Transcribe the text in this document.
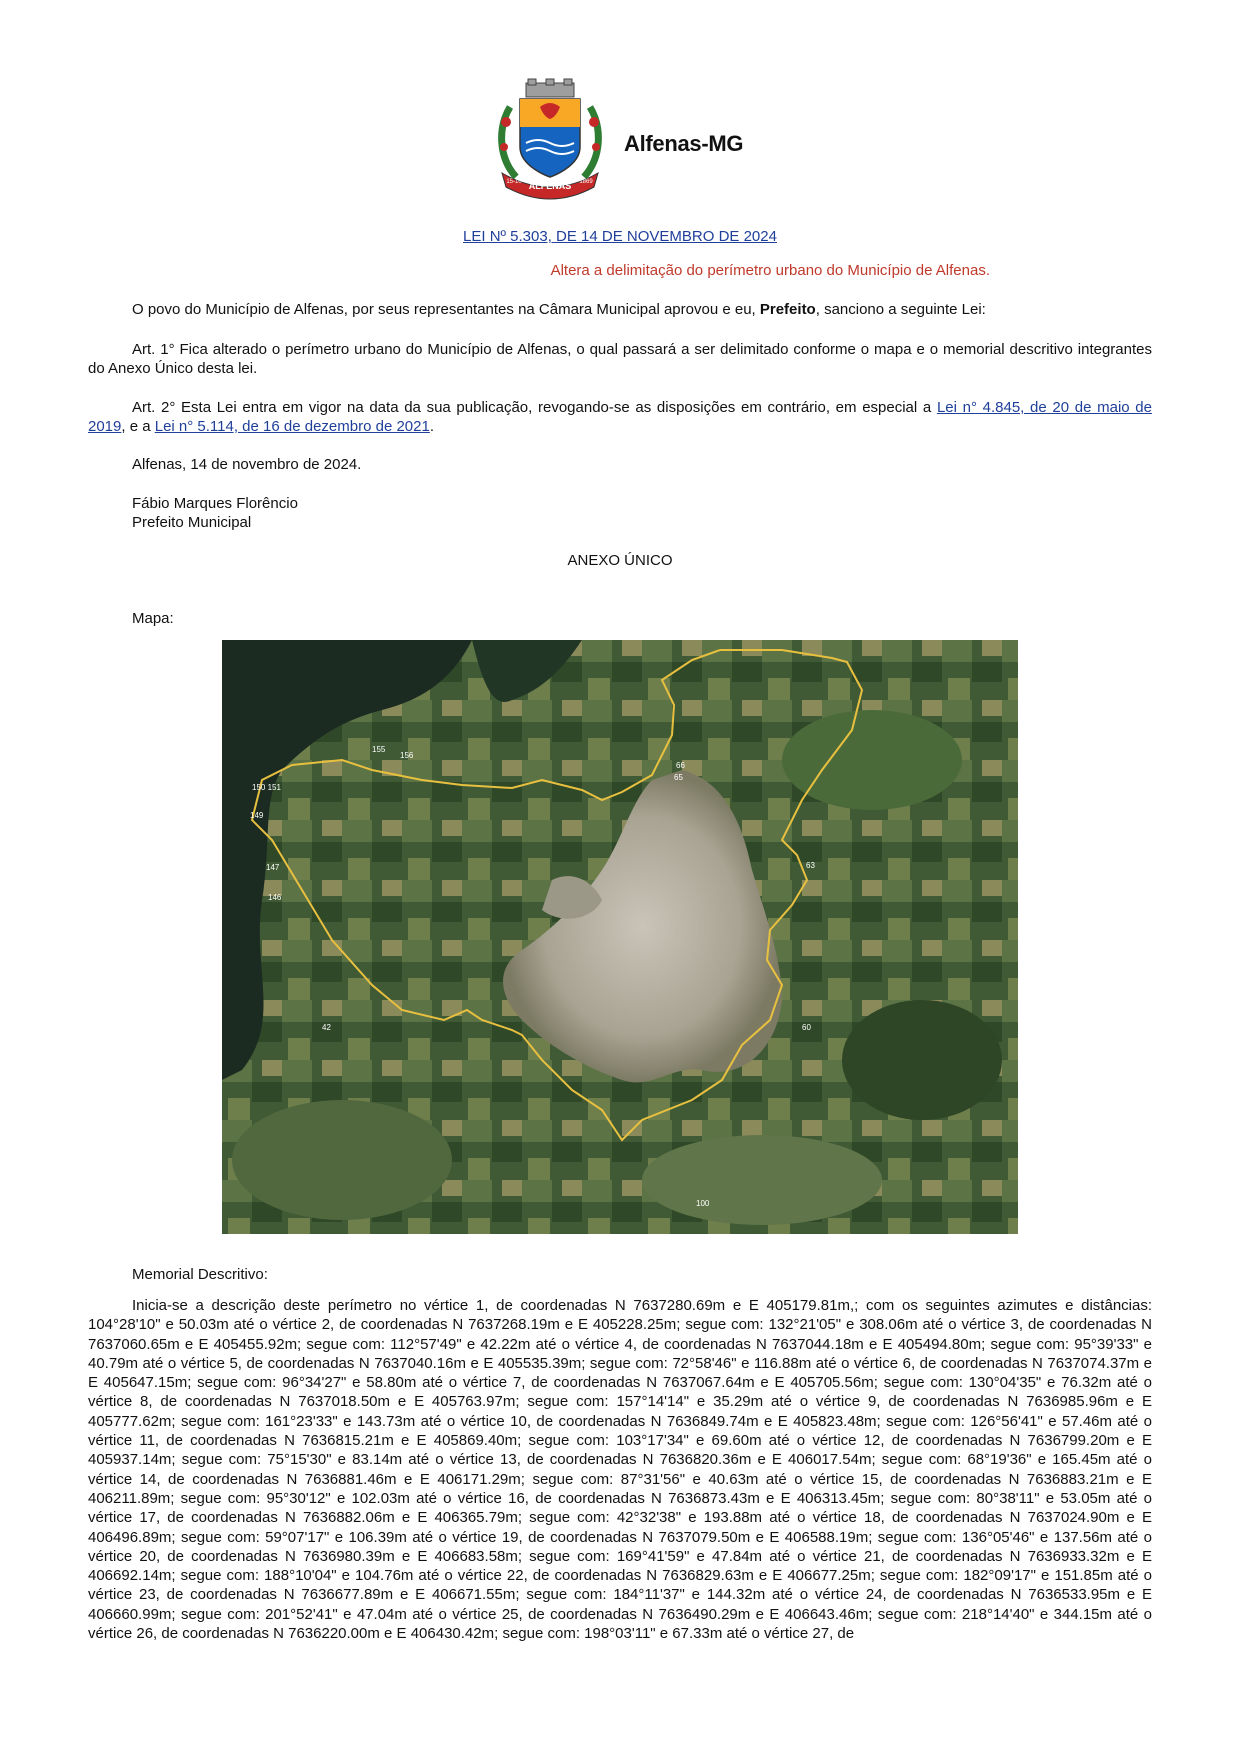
ALFENAS
15-10	1869
Alfenas-MG
LEI Nº 5.303, DE 14 DE NOVEMBRO DE 2024
Altera a delimitação do perímetro urbano do Município de Alfenas.
O povo do Município de Alfenas, por seus representantes na Câmara Municipal aprovou e eu, Prefeito, sanciono a seguinte Lei:
Art. 1° Fica alterado o perímetro urbano do Município de Alfenas, o qual passará a ser delimitado conforme o mapa e o memorial descritivo integrantes do Anexo Único desta lei.
Art. 2° Esta Lei entra em vigor na data da sua publicação, revogando-se as disposições em contrário, em especial a Lei n° 4.845, de 20 de maio de 2019, e a Lei n° 5.114, de 16 de dezembro de 2021.
Alfenas, 14 de novembro de 2024.
Fábio Marques Florêncio
Prefeito Municipal
ANEXO ÚNICO
Mapa:
155
156
150 151
149
147
146
66
65
63
60
100
42
Memorial Descritivo:
Inicia-se a descrição deste perímetro no vértice 1, de coordenadas N 7637280.69m e E 405179.81m,; com os seguintes azimutes e distâncias: 104°28'10" e 50.03m até o vértice 2, de coordenadas N 7637268.19m e E 405228.25m; segue com: 132°21'05" e 308.06m até o vértice 3, de coordenadas N 7637060.65m e E 405455.92m; segue com: 112°57'49" e 42.22m até o vértice 4, de coordenadas N 7637044.18m e E 405494.80m; segue com: 95°39'33" e 40.79m até o vértice 5, de coordenadas N 7637040.16m e E 405535.39m; segue com: 72°58'46" e 116.88m até o vértice 6, de coordenadas N 7637074.37m e E 405647.15m; segue com: 96°34'27" e 58.80m até o vértice 7, de coordenadas N 7637067.64m e E 405705.56m; segue com: 130°04'35" e 76.32m até o vértice 8, de coordenadas N 7637018.50m e E 405763.97m; segue com: 157°14'14" e 35.29m até o vértice 9, de coordenadas N 7636985.96m e E 405777.62m; segue com: 161°23'33" e 143.73m até o vértice 10, de coordenadas N 7636849.74m e E 405823.48m; segue com: 126°56'41" e 57.46m até o vértice 11, de coordenadas N 7636815.21m e E 405869.40m; segue com: 103°17'34" e 69.60m até o vértice 12, de coordenadas N 7636799.20m e E 405937.14m; segue com: 75°15'30" e 83.14m até o vértice 13, de coordenadas N 7636820.36m e E 406017.54m; segue com: 68°19'36" e 165.45m até o vértice 14, de coordenadas N 7636881.46m e E 406171.29m; segue com: 87°31'56" e 40.63m até o vértice 15, de coordenadas N 7636883.21m e E 406211.89m; segue com: 95°30'12" e 102.03m até o vértice 16, de coordenadas N 7636873.43m e E 406313.45m; segue com: 80°38'11" e 53.05m até o vértice 17, de coordenadas N 7636882.06m e E 406365.79m; segue com: 42°32'38" e 193.88m até o vértice 18, de coordenadas N 7637024.90m e E 406496.89m; segue com: 59°07'17" e 106.39m até o vértice 19, de coordenadas N 7637079.50m e E 406588.19m; segue com: 136°05'46" e 137.56m até o vértice 20, de coordenadas N 7636980.39m e E 406683.58m; segue com: 169°41'59" e 47.84m até o vértice 21, de coordenadas N 7636933.32m e E 406692.14m; segue com: 188°10'04" e 104.76m até o vértice 22, de coordenadas N 7636829.63m e E 406677.25m; segue com: 182°09'17" e 151.85m até o vértice 23, de coordenadas N 7636677.89m e E 406671.55m; segue com: 184°11'37" e 144.32m até o vértice 24, de coordenadas N 7636533.95m e E 406660.99m; segue com: 201°52'41" e 47.04m até o vértice 25, de coordenadas N 7636490.29m e E 406643.46m; segue com: 218°14'40" e 344.15m até o vértice 26, de coordenadas N 7636220.00m e E 406430.42m; segue com: 198°03'11" e 67.33m até o vértice 27, de
